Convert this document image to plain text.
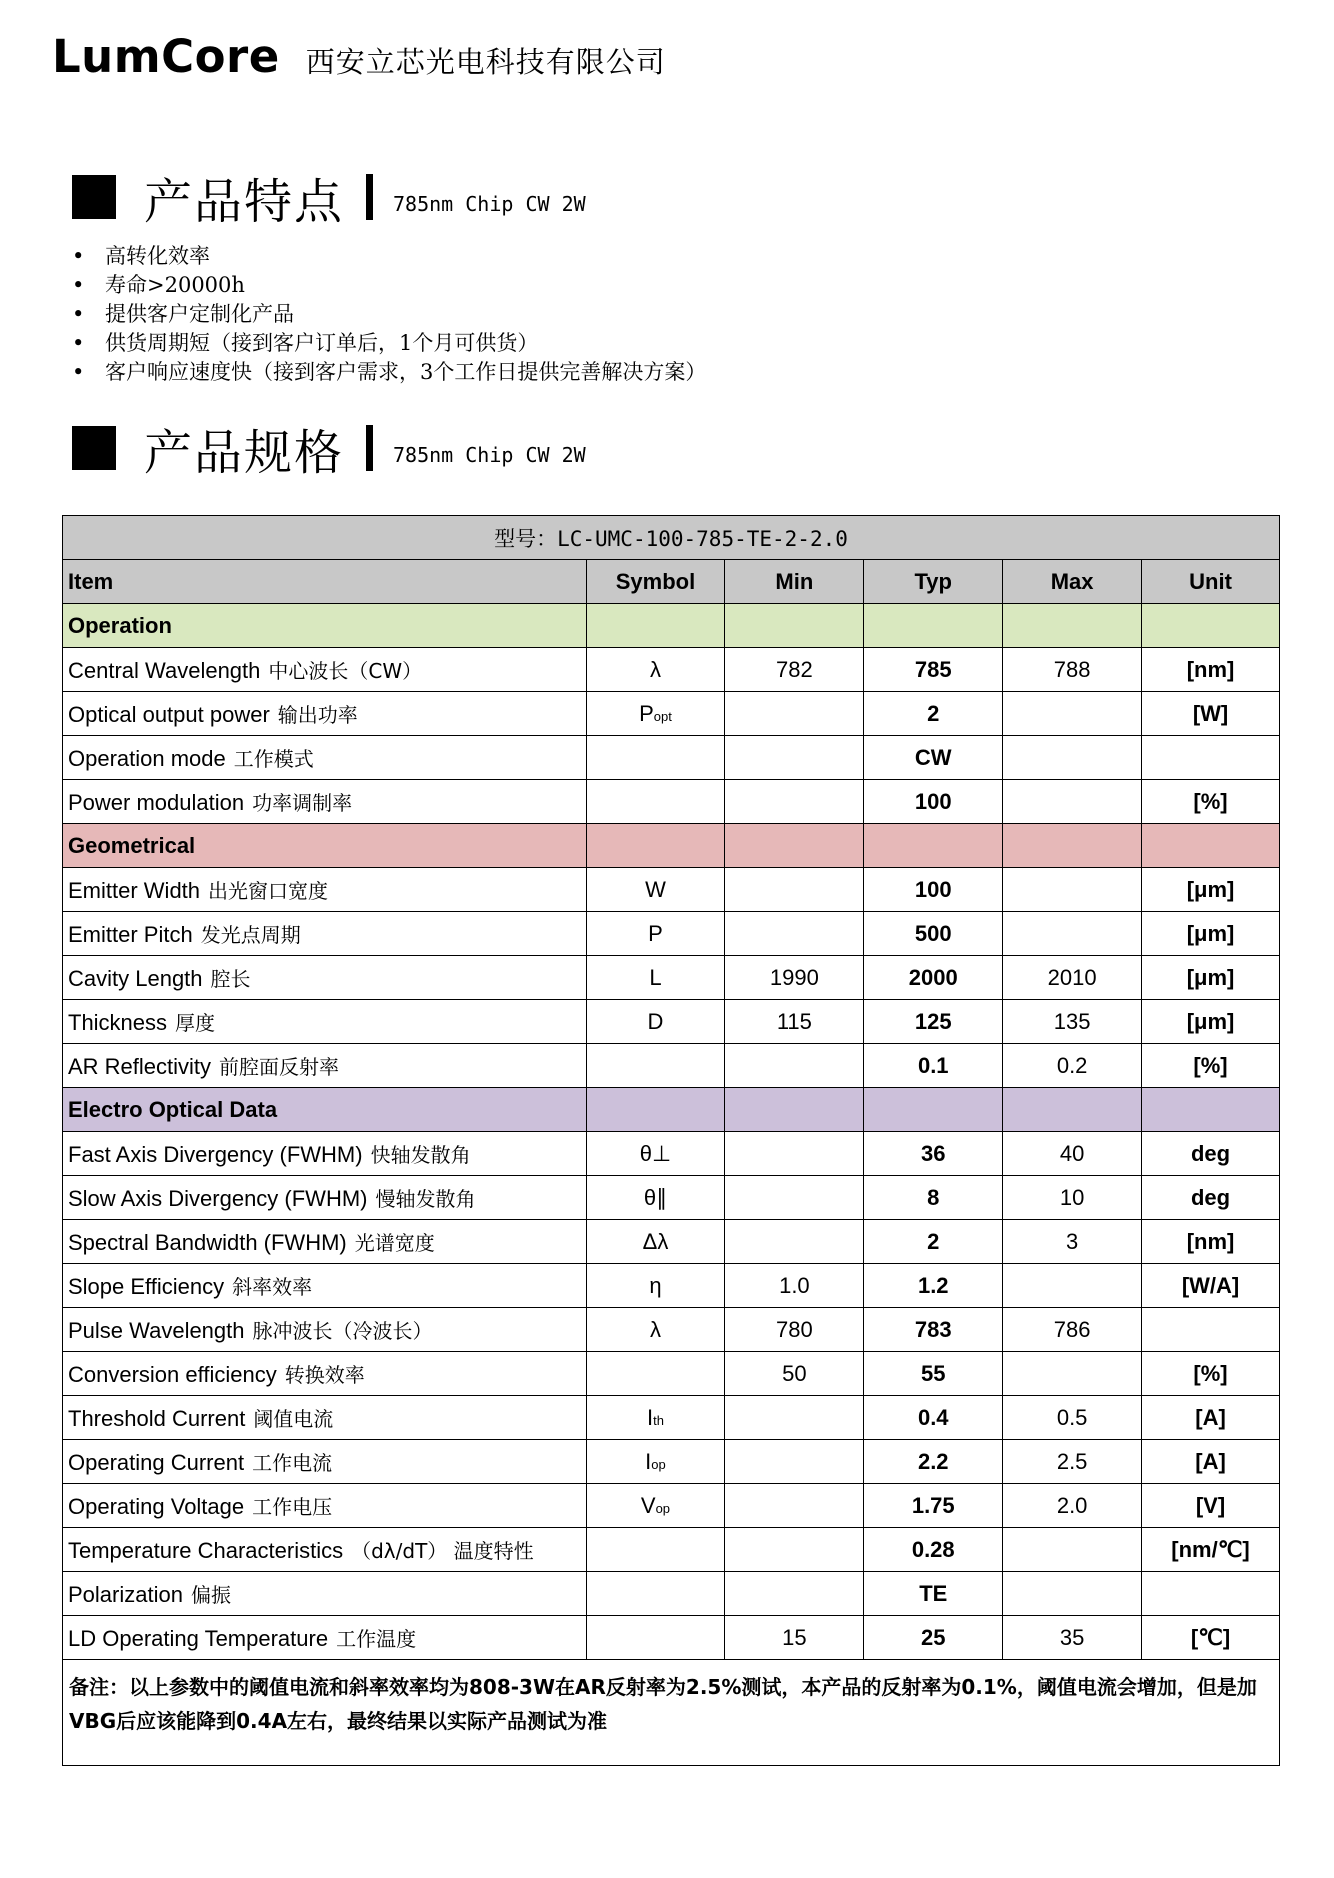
LumCore 西安立芯光电科技有限公司
产品特点 785nm Chip CW 2W
• 高转化效率
• 寿命>20000h
• 提供客户定制化产品
• 供货周期短（接到客户订单后，1个月可供货）
• 客户响应速度快（接到客户需求，3个工作日提供完善解决方案）
产品规格 785nm Chip CW 2W
型号：LC-UMC-100-785-TE-2-2.0					
Item	Symbol	Min	Typ	Max	Unit
Operation					
Central Wavelength 中心波长（CW）	λ	782	785	788	[nm]
Optical output power 输出功率	Popt		2		[W]
Operation mode 工作模式			CW		
Power modulation 功率调制率			100		[%]
Geometrical					
Emitter Width 出光窗口宽度	W		100		[μm]
Emitter Pitch 发光点周期	P		500		[μm]
Cavity Length 腔长	L	1990	2000	2010	[μm]
Thickness 厚度	D	115	125	135	[μm]
AR Reflectivity 前腔面反射率			0.1	0.2	[%]
Electro Optical Data					
Fast Axis Divergency (FWHM) 快轴发散角	θ⊥		36	40	deg
Slow Axis Divergency (FWHM) 慢轴发散角	θ∥		8	10	deg
Spectral Bandwidth (FWHM) 光谱宽度	Δλ		2	3	[nm]
Slope Efficiency 斜率效率	η	1.0	1.2		[W/A]
Pulse Wavelength 脉冲波长（冷波长）	λ	780	783	786	
Conversion efficiency 转换效率		50	55		[%]
Threshold Current 阈值电流	Ith		0.4	0.5	[A]
Operating Current 工作电流	Iop		2.2	2.5	[A]
Operating Voltage 工作电压	Vop		1.75	2.0	[V]
Temperature Characteristics （dλ/dT） 温度特性			0.28		[nm/℃]
Polarization 偏振			TE		
LD Operating Temperature 工作温度		15	25	35	[℃]
备注：以上参数中的阈值电流和斜率效率均为808-3W在AR反射率为2.5%测试，本产品的反射率为0.1%，阈值电流会增加，但是加VBG后应该能降到0.4A左右，最终结果以实际产品测试为准					
